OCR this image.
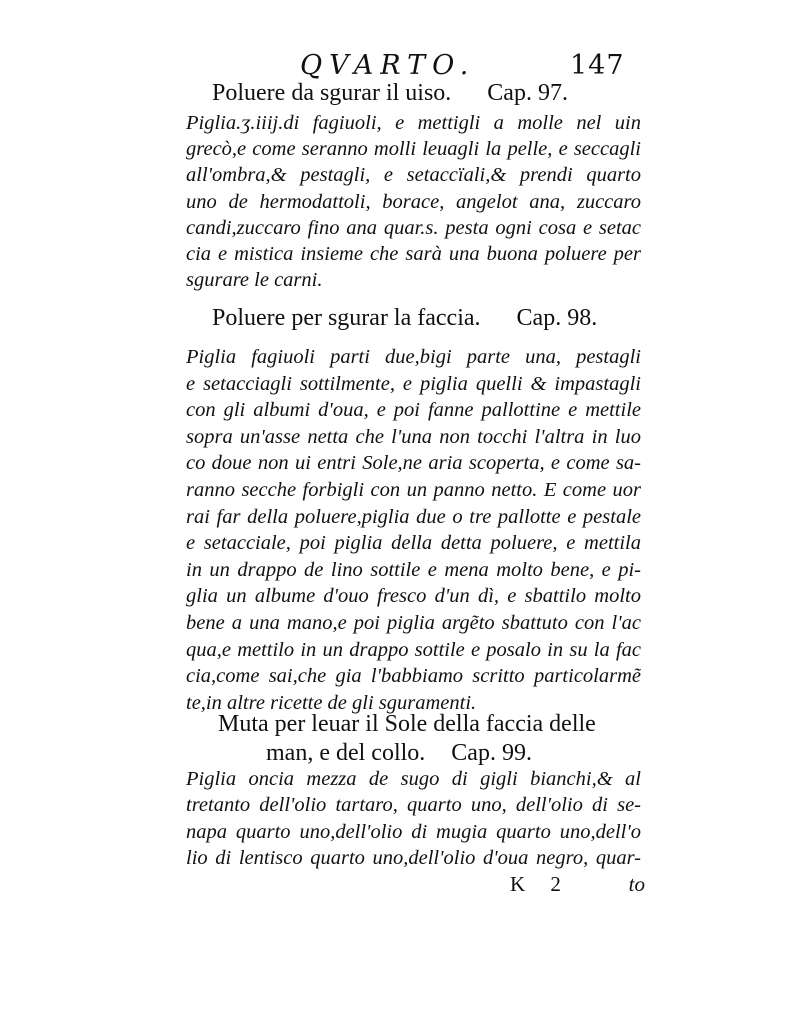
QVARTO.	147
Poluere da sgurar il uiso. Cap. 97.
Piglia.ʒ.iiij.di fagiuoli, e mettigli a molle nel uin
grecò,e come seranno molli leuagli la pelle, e seccagli
all'ombra,& pestagli, e setaccïali,& prendi quarto
uno de hermodattoli, borace, angelot ana, zuccaro
candi,zuccaro fino ana quar.s. pesta ogni cosa e setac
cia e mistica insieme che sarà una buona poluere per
sgurare le carni.
Poluere per sgurar la faccia. Cap. 98.
Piglia fagiuoli parti due,bigi parte una, pestagli
e setacciagli sottilmente, e piglia quelli & impastagli
con gli albumi d'oua, e poi fanne pallottine e mettile
sopra un'asse netta che l'una non tocchi l'altra in luo
co doue non ui entri Sole,ne aria scoperta, e come sa-
ranno secche forbigli con un panno netto. E come uor
rai far della poluere,piglia due o tre pallotte e pestale
e setacciale, poi piglia della detta poluere, e mettila
in un drappo de lino sottile e mena molto bene, e pi-
glia un albume d'ouo fresco d'un dì, e sbattilo molto
bene a una mano,e poi piglia argẽto sbattuto con l'ac
qua,e mettilo in un drappo sottile e posalo in su la fac
cia,come sai,che gia l'babbiamo scritto particolarmẽ
te,in altre ricette de gli sguramenti.
Muta per leuar il Sole della faccia delle
man, e del collo. Cap. 99.
Piglia oncia mezza de sugo di gigli bianchi,& al
tretanto dell'olio tartaro, quarto uno, dell'olio di se-
napa quarto uno,dell'olio di mugia quarto uno,dell'o
lio di lentisco quarto uno,dell'olio d'oua negro, quar-
K 2	to
